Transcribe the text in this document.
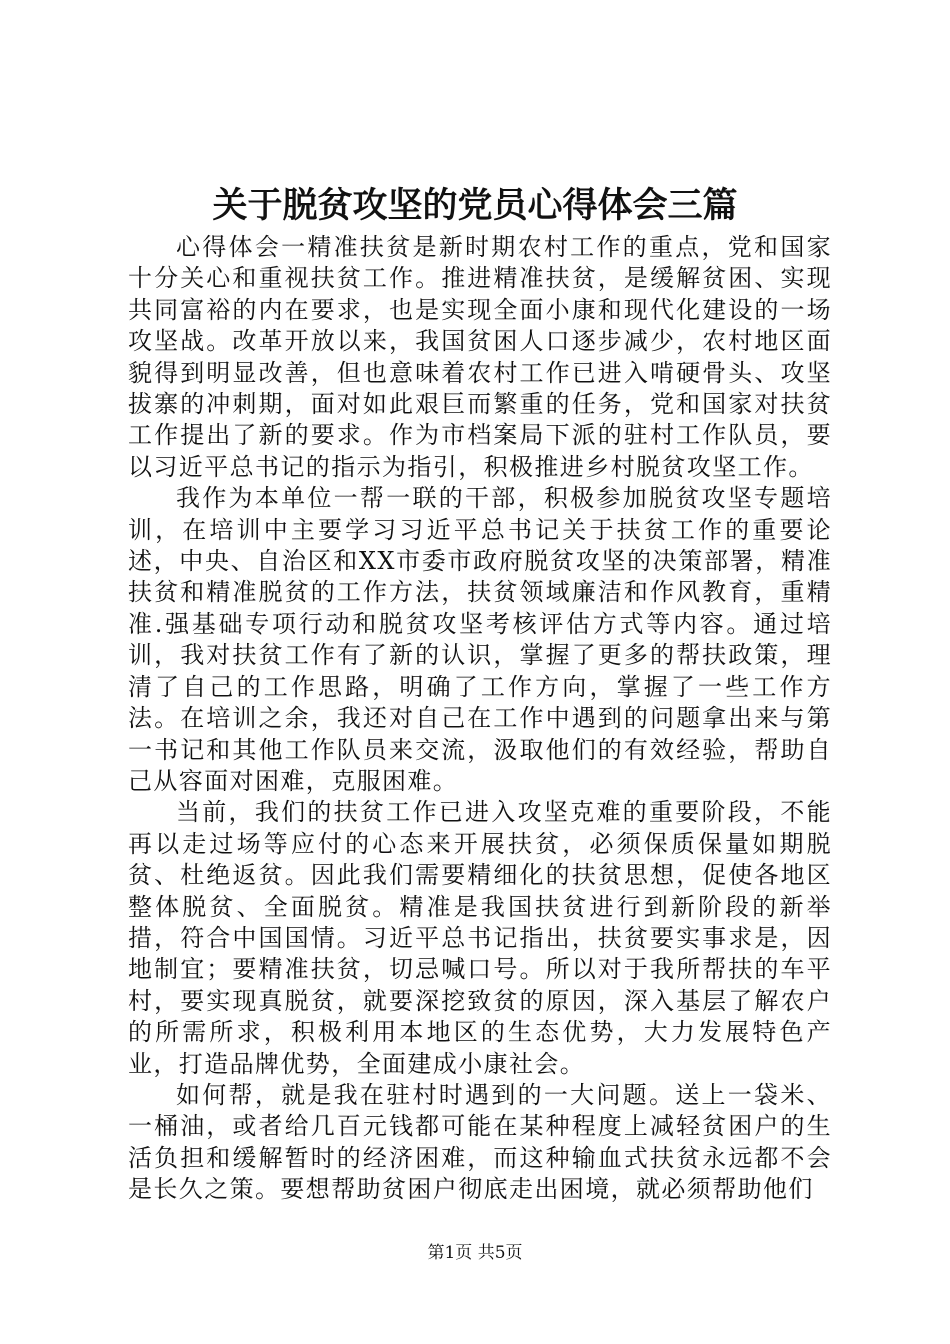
关于脱贫攻坚的党员心得体会三篇

心得体会一精准扶贫是新时期农村工作的重点，党和国家十分关心和重视扶贫工作。推进精准扶贫，是缓解贫困、实现共同富裕的内在要求，也是实现全面小康和现代化建设的一场攻坚战。改革开放以来，我国贫困人口逐步减少，农村地区面貌得到明显改善，但也意味着农村工作已进入啃硬骨头、攻坚拔寨的冲刺期，面对如此艰巨而繁重的任务，党和国家对扶贫工作提出了新的要求。作为市档案局下派的驻村工作队员，要以习近平总书记的指示为指引，积极推进乡村脱贫攻坚工作。

我作为本单位一帮一联的干部，积极参加脱贫攻坚专题培训，在培训中主要学习习近平总书记关于扶贫工作的重要论述，中央、自治区和XX市委市政府脱贫攻坚的决策部署，精准扶贫和精准脱贫的工作方法，扶贫领域廉洁和作风教育，重精准.强基础专项行动和脱贫攻坚考核评估方式等内容。通过培训，我对扶贫工作有了新的认识，掌握了更多的帮扶政策，理清了自己的工作思路，明确了工作方向，掌握了一些工作方法。在培训之余，我还对自己在工作中遇到的问题拿出来与第一书记和其他工作队员来交流，汲取他们的有效经验，帮助自己从容面对困难，克服困难。

当前，我们的扶贫工作已进入攻坚克难的重要阶段，不能再以走过场等应付的心态来开展扶贫，必须保质保量如期脱贫、杜绝返贫。因此我们需要精细化的扶贫思想，促使各地区整体脱贫、全面脱贫。精准是我国扶贫进行到新阶段的新举措，符合中国国情。习近平总书记指出，扶贫要实事求是，因地制宜；要精准扶贫，切忌喊口号。所以对于我所帮扶的车平村，要实现真脱贫，就要深挖致贫的原因，深入基层了解农户的所需所求，积极利用本地区的生态优势，大力发展特色产业，打造品牌优势，全面建成小康社会。

如何帮，就是我在驻村时遇到的一大问题。送上一袋米、一桶油，或者给几百元钱都可能在某种程度上减轻贫困户的生活负担和缓解暂时的经济困难，而这种输血式扶贫永远都不会是长久之策。要想帮助贫困户彻底走出困境，就必须帮助他们

第1页 共5页
